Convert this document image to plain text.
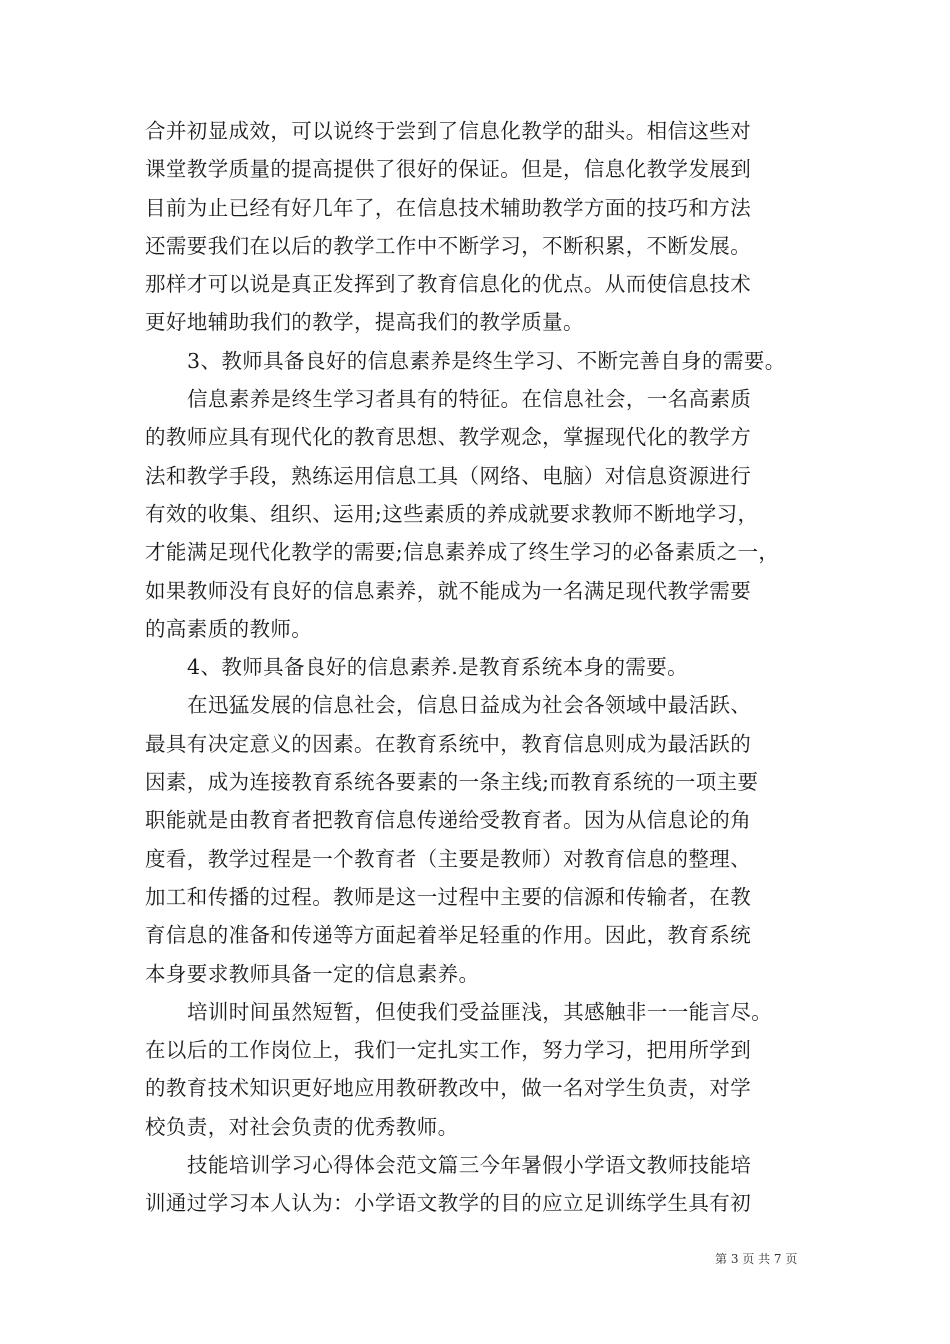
合并初显成效，可以说终于尝到了信息化教学的甜头。相信这些对
课堂教学质量的提高提供了很好的保证。但是，信息化教学发展到
目前为止已经有好几年了，在信息技术辅助教学方面的技巧和方法
还需要我们在以后的教学工作中不断学习，不断积累，不断发展。
那样才可以说是真正发挥到了教育信息化的优点。从而使信息技术
更好地辅助我们的教学，提高我们的教学质量。
3、教师具备良好的信息素养是终生学习、不断完善自身的需要。
信息素养是终生学习者具有的特征。在信息社会，一名高素质
的教师应具有现代化的教育思想、教学观念，掌握现代化的教学方
法和教学手段，熟练运用信息工具（网络、电脑）对信息资源进行
有效的收集、组织、运用;这些素质的养成就要求教师不断地学习，
才能满足现代化教学的需要;信息素养成了终生学习的必备素质之一，
如果教师没有良好的信息素养，就不能成为一名满足现代教学需要
的高素质的教师。
4、教师具备良好的信息素养.是教育系统本身的需要。
在迅猛发展的信息社会，信息日益成为社会各领域中最活跃、
最具有决定意义的因素。在教育系统中，教育信息则成为最活跃的
因素，成为连接教育系统各要素的一条主线;而教育系统的一项主要
职能就是由教育者把教育信息传递给受教育者。因为从信息论的角
度看，教学过程是一个教育者（主要是教师）对教育信息的整理、
加工和传播的过程。教师是这一过程中主要的信源和传输者，在教
育信息的准备和传递等方面起着举足轻重的作用。因此，教育系统
本身要求教师具备一定的信息素养。
培训时间虽然短暂，但使我们受益匪浅，其感触非一一能言尽。
在以后的工作岗位上，我们一定扎实工作，努力学习，把用所学到
的教育技术知识更好地应用教研教改中，做一名对学生负责，对学
校负责，对社会负责的优秀教师。
技能培训学习心得体会范文篇三今年暑假小学语文教师技能培
训通过学习本人认为：小学语文教学的目的应立足训练学生具有初
第 3 页 共 7 页
